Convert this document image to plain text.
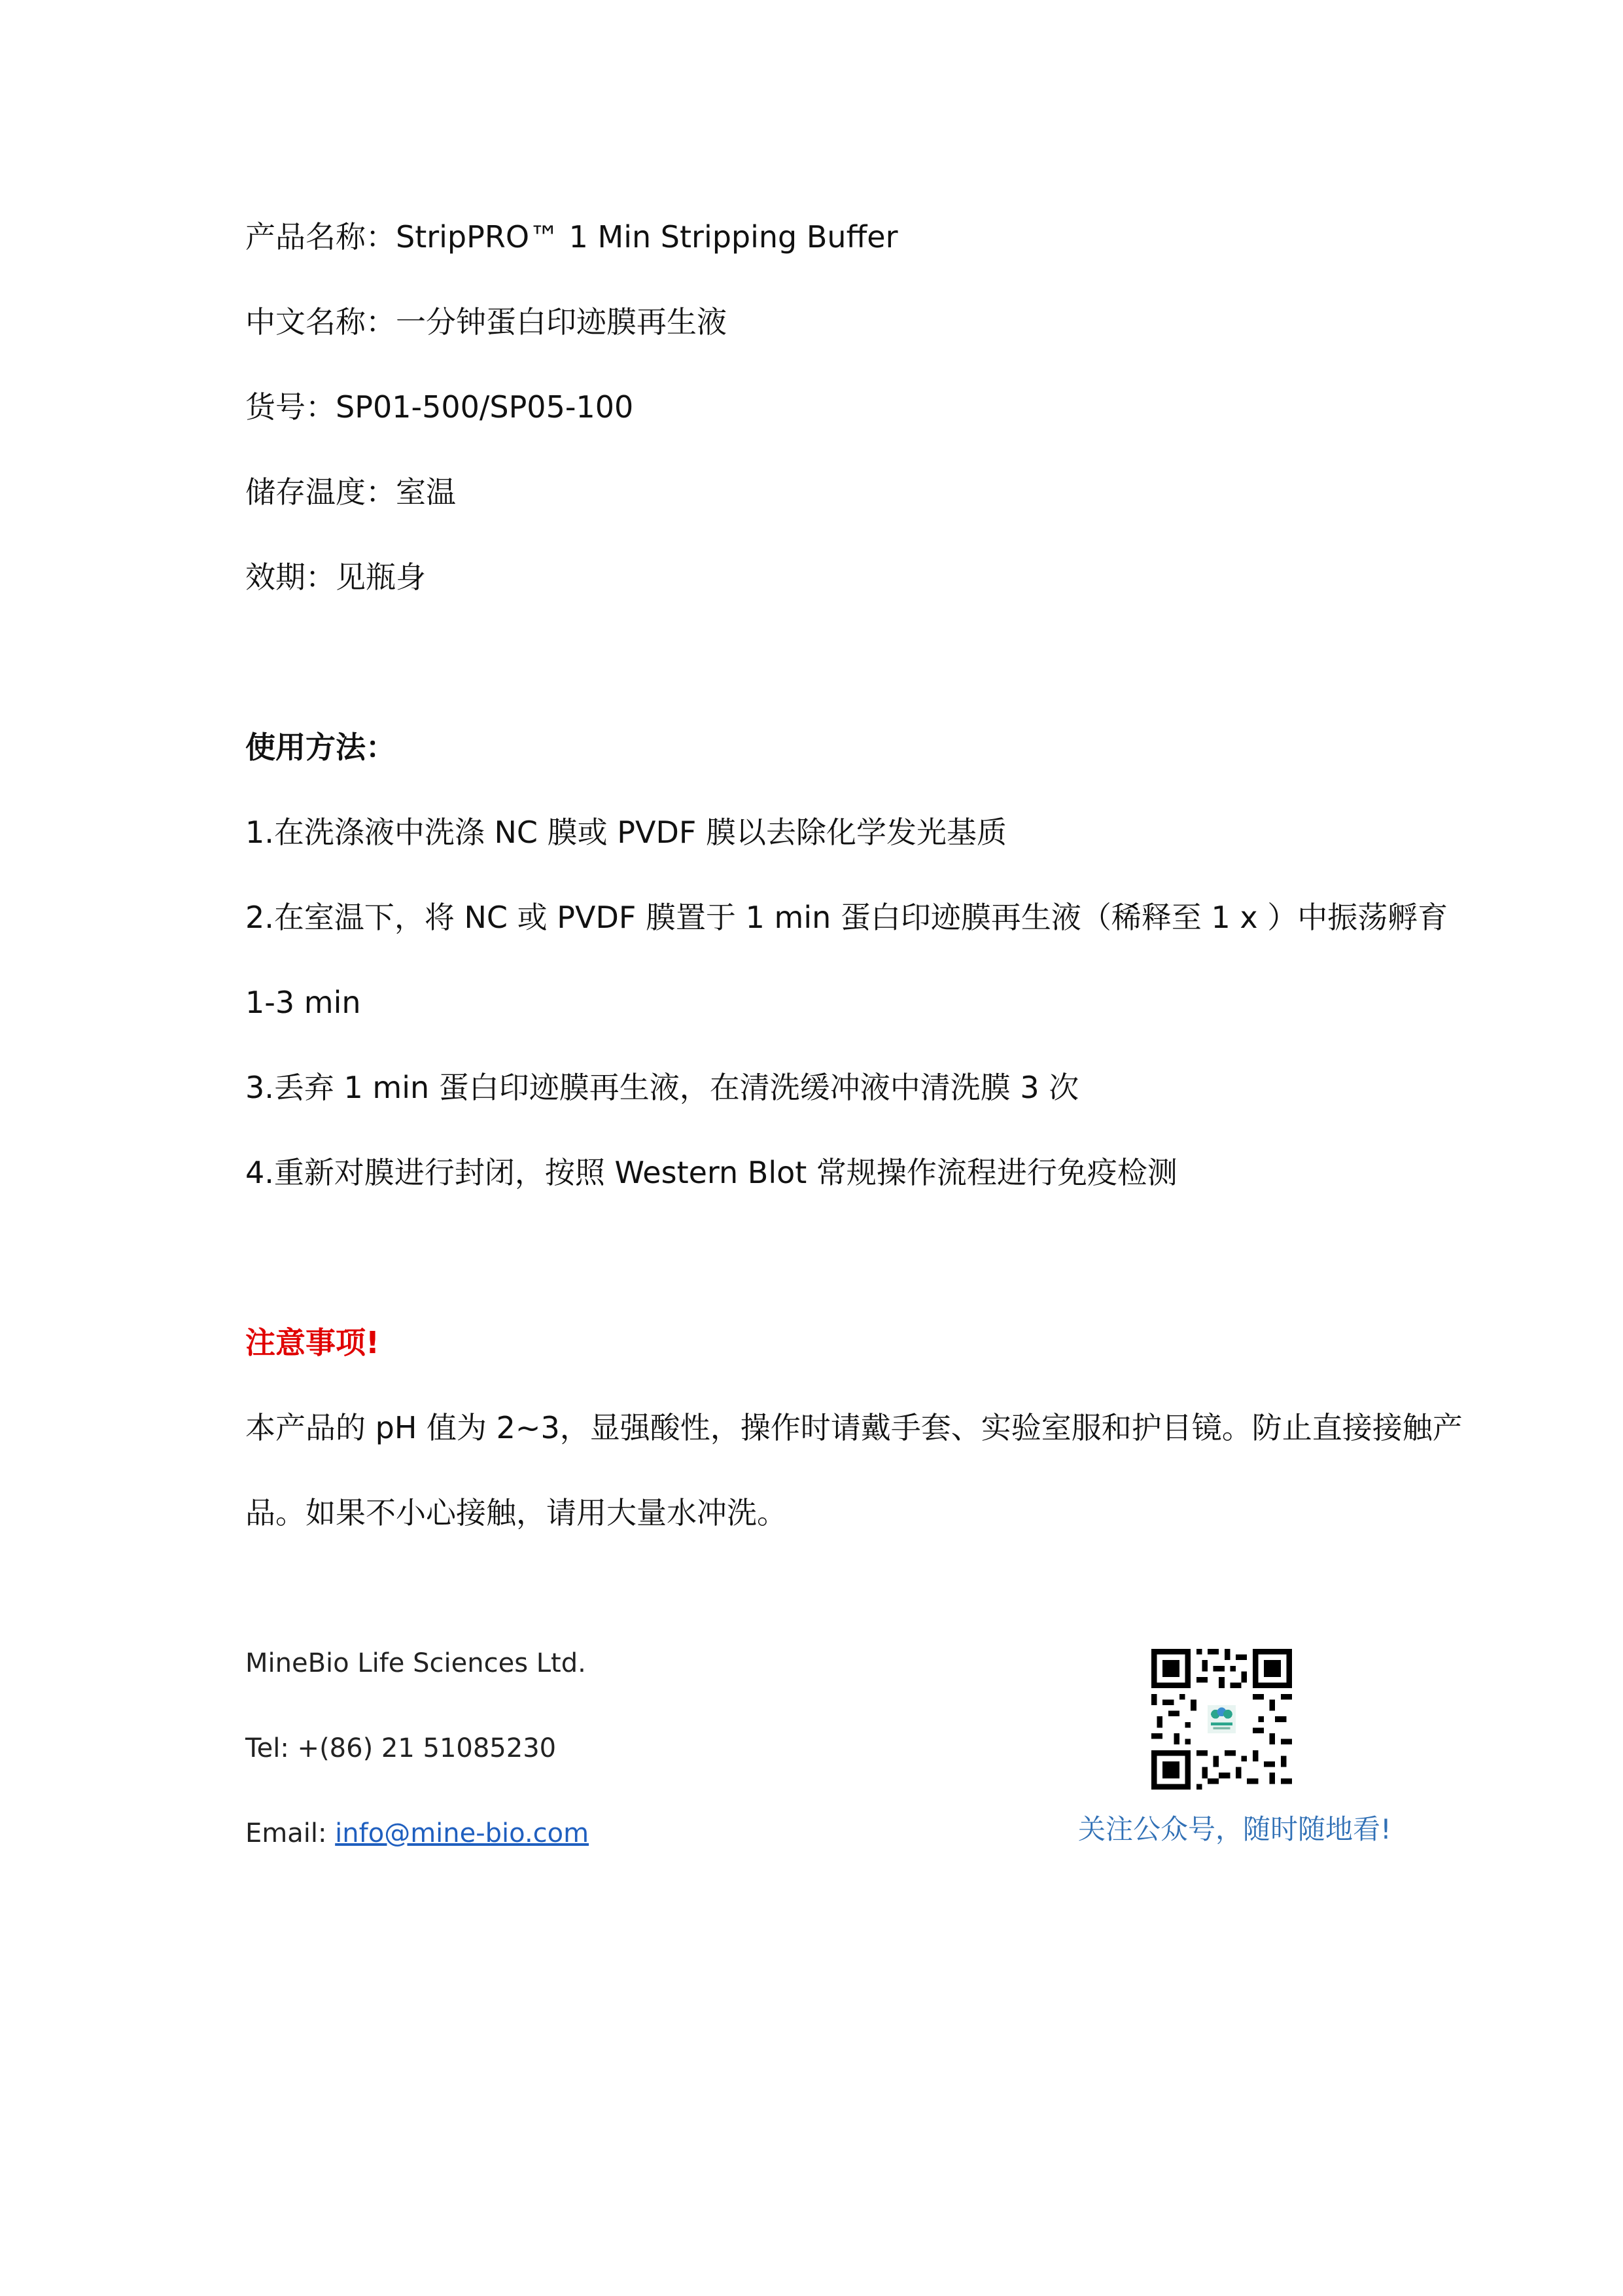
产品名称：StripPRO™ 1 Min Stripping Buffer
中文名称：一分钟蛋白印迹膜再生液
货号：SP01-500/SP05-100
储存温度：室温
效期：见瓶身
使用方法：
1.在洗涤液中洗涤 NC 膜或 PVDF 膜以去除化学发光基质
2.在室温下，将 NC 或 PVDF 膜置于 1 min 蛋白印迹膜再生液（稀释至 1 x ）中振荡孵育
1-3 min
3.丢弃 1 min 蛋白印迹膜再生液，在清洗缓冲液中清洗膜 3 次
4.重新对膜进行封闭，按照 Western Blot 常规操作流程进行免疫检测
注意事项!
本产品的 pH 值为 2~3，显强酸性，操作时请戴手套、实验室服和护目镜。防止直接接触产
品。如果不小心接触，请用大量水冲洗。
MineBio Life Sciences Ltd.
Tel: +(86) 21 51085230
Email: info@mine-bio.com	关注公众号，随时随地看!
